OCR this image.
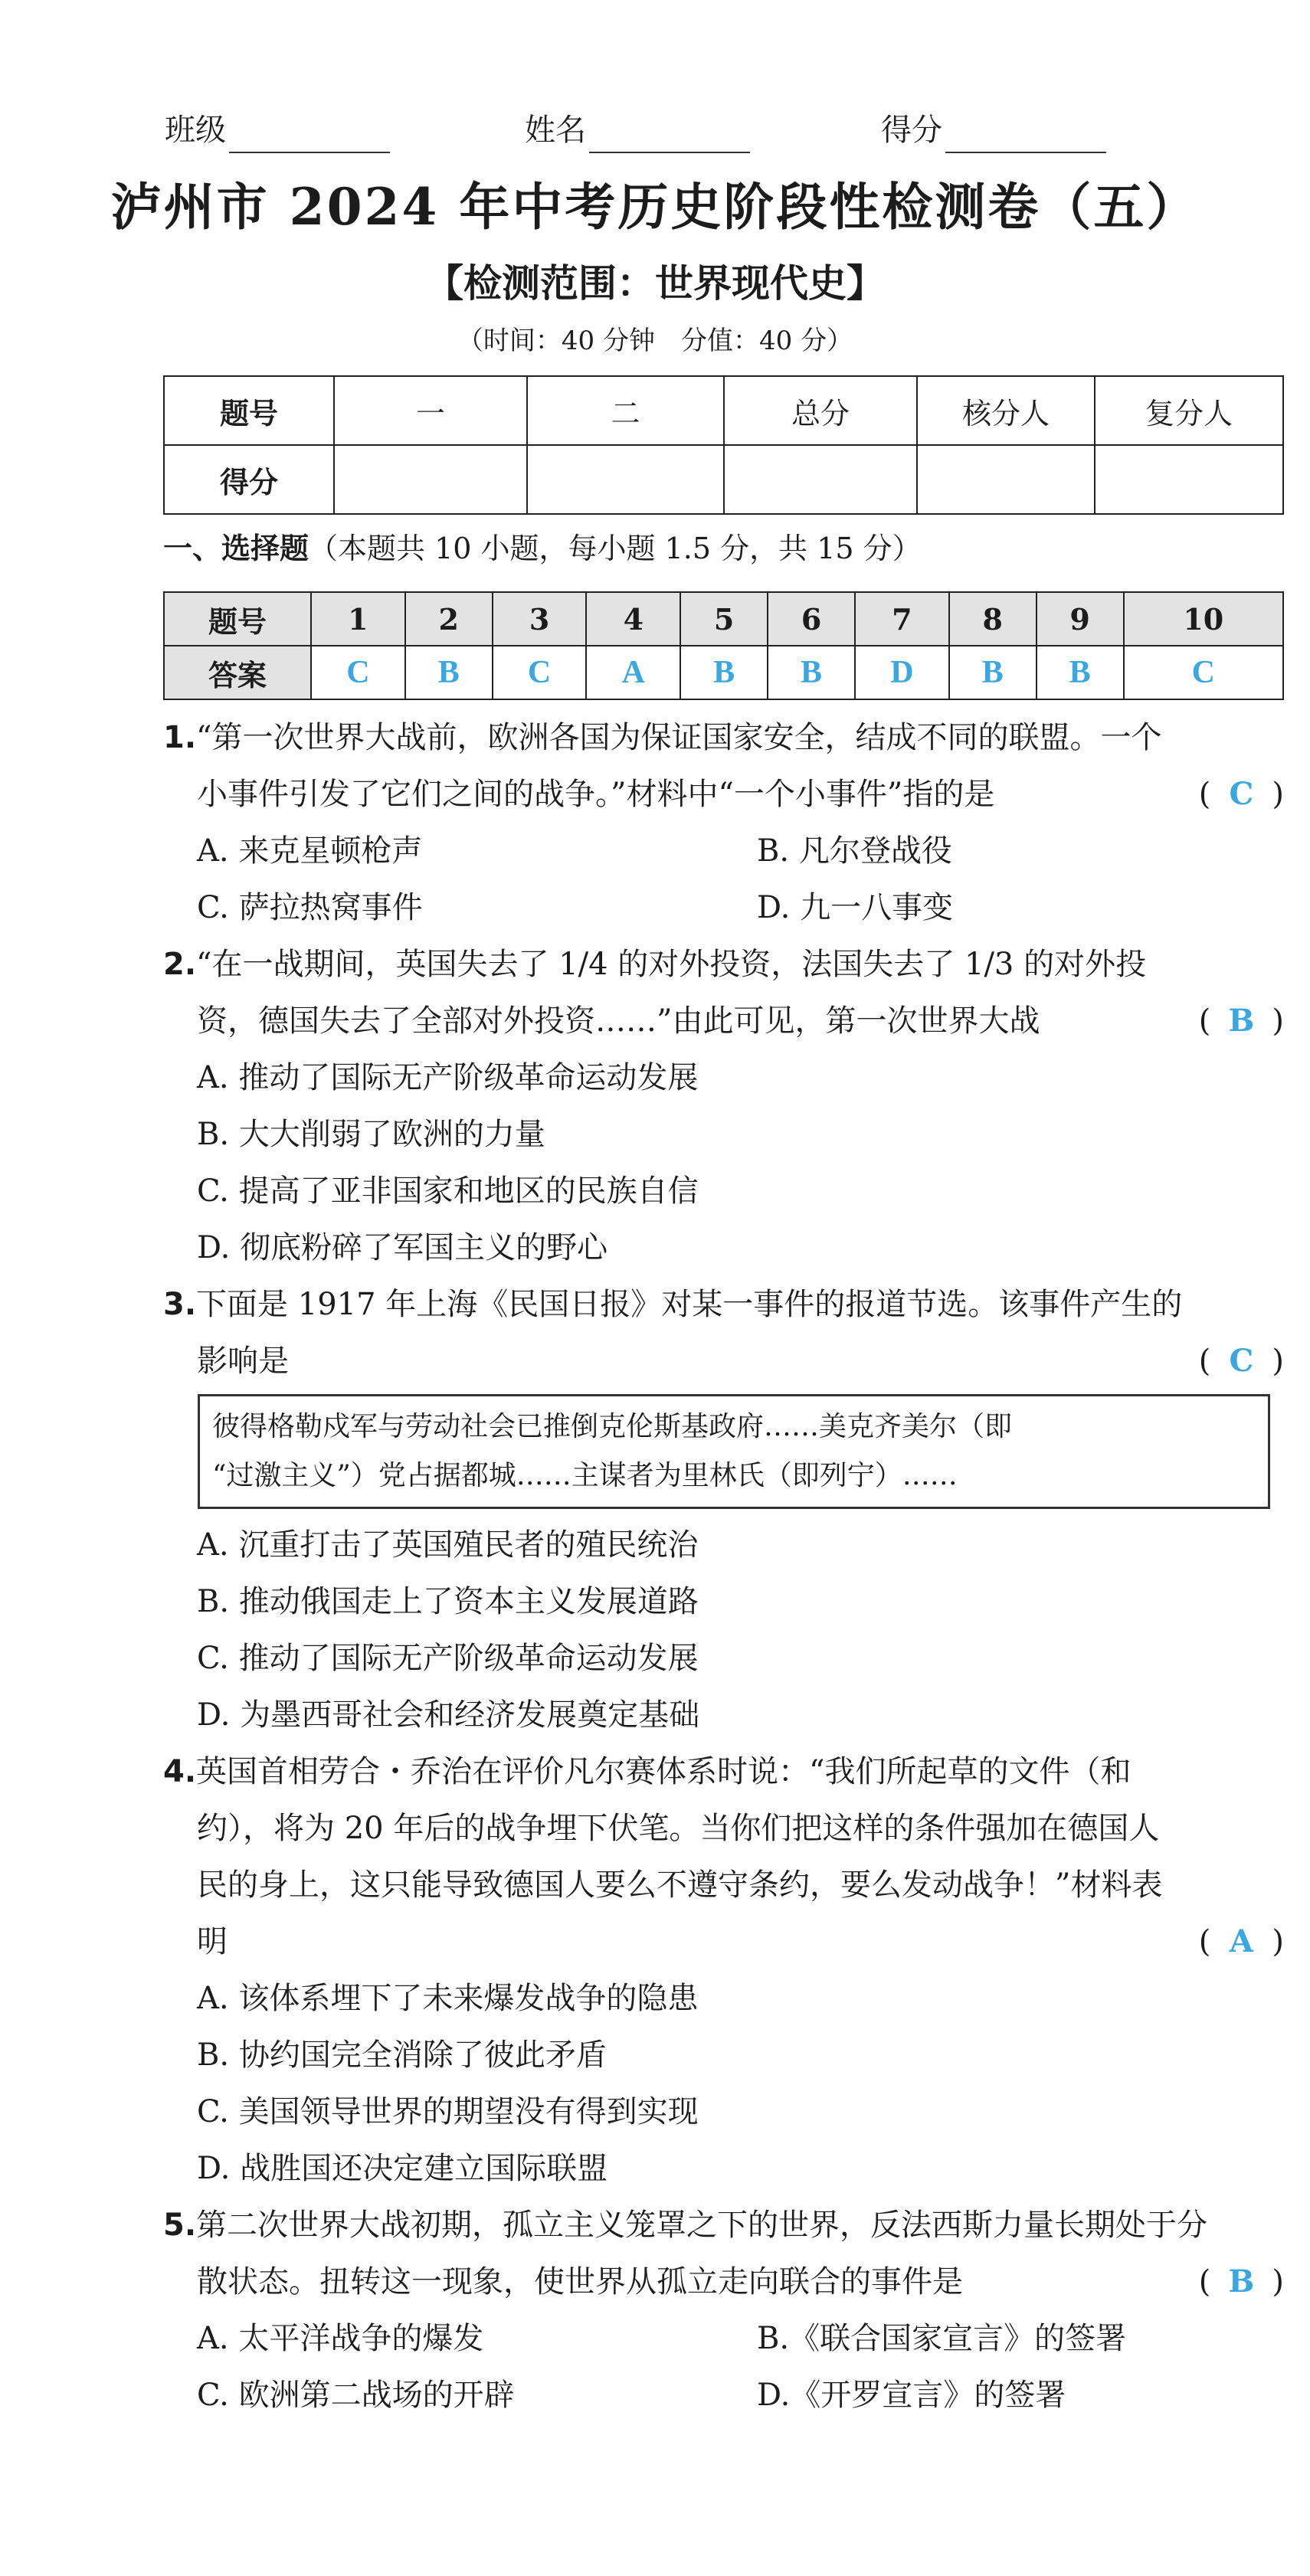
班级	姓名	得分
泸州市 2024 年中考历史阶段性检测卷（五）
【检测范围：世界现代史】
（时间：40 分钟　分值：40 分）
题号	一	二	总分	核分人	复分人
得分					
一、选择题（本题共 10 小题，每小题 1.5 分，共 15 分）
题号	1	2	3	4	5	6	7	8	9	10
答案	C	B	C	A	B	B	D	B	B	C
1.“第一次世界大战前，欧洲各国为保证国家安全，结成不同的联盟。一个
小事件引发了它们之间的战争。”材料中“一个小事件”指的是	( C )
A. 来克星顿枪声	B. 凡尔登战役
C. 萨拉热窝事件	D. 九一八事变
2.“在一战期间，英国失去了 1/4 的对外投资，法国失去了 1/3 的对外投
资，德国失去了全部对外投资……”由此可见，第一次世界大战	( B )
A. 推动了国际无产阶级革命运动发展
B. 大大削弱了欧洲的力量
C. 提高了亚非国家和地区的民族自信
D. 彻底粉碎了军国主义的野心
3.下面是 1917 年上海《民国日报》对某一事件的报道节选。该事件产生的
影响是	( C )
彼得格勒戍军与劳动社会已推倒克伦斯基政府……美克齐美尔（即
“过激主义”）党占据都城……主谋者为里林氏（即列宁）……
A. 沉重打击了英国殖民者的殖民统治
B. 推动俄国走上了资本主义发展道路
C. 推动了国际无产阶级革命运动发展
D. 为墨西哥社会和经济发展奠定基础
4.英国首相劳合・乔治在评价凡尔赛体系时说：“我们所起草的文件（和
约），将为 20 年后的战争埋下伏笔。当你们把这样的条件强加在德国人
民的身上，这只能导致德国人要么不遵守条约，要么发动战争！”材料表
明	( A )
A. 该体系埋下了未来爆发战争的隐患
B. 协约国完全消除了彼此矛盾
C. 美国领导世界的期望没有得到实现
D. 战胜国还决定建立国际联盟
5.第二次世界大战初期，孤立主义笼罩之下的世界，反法西斯力量长期处于分
散状态。扭转这一现象，使世界从孤立走向联合的事件是	( B )
A. 太平洋战争的爆发	B.《联合国家宣言》的签署
C. 欧洲第二战场的开辟	D.《开罗宣言》的签署
